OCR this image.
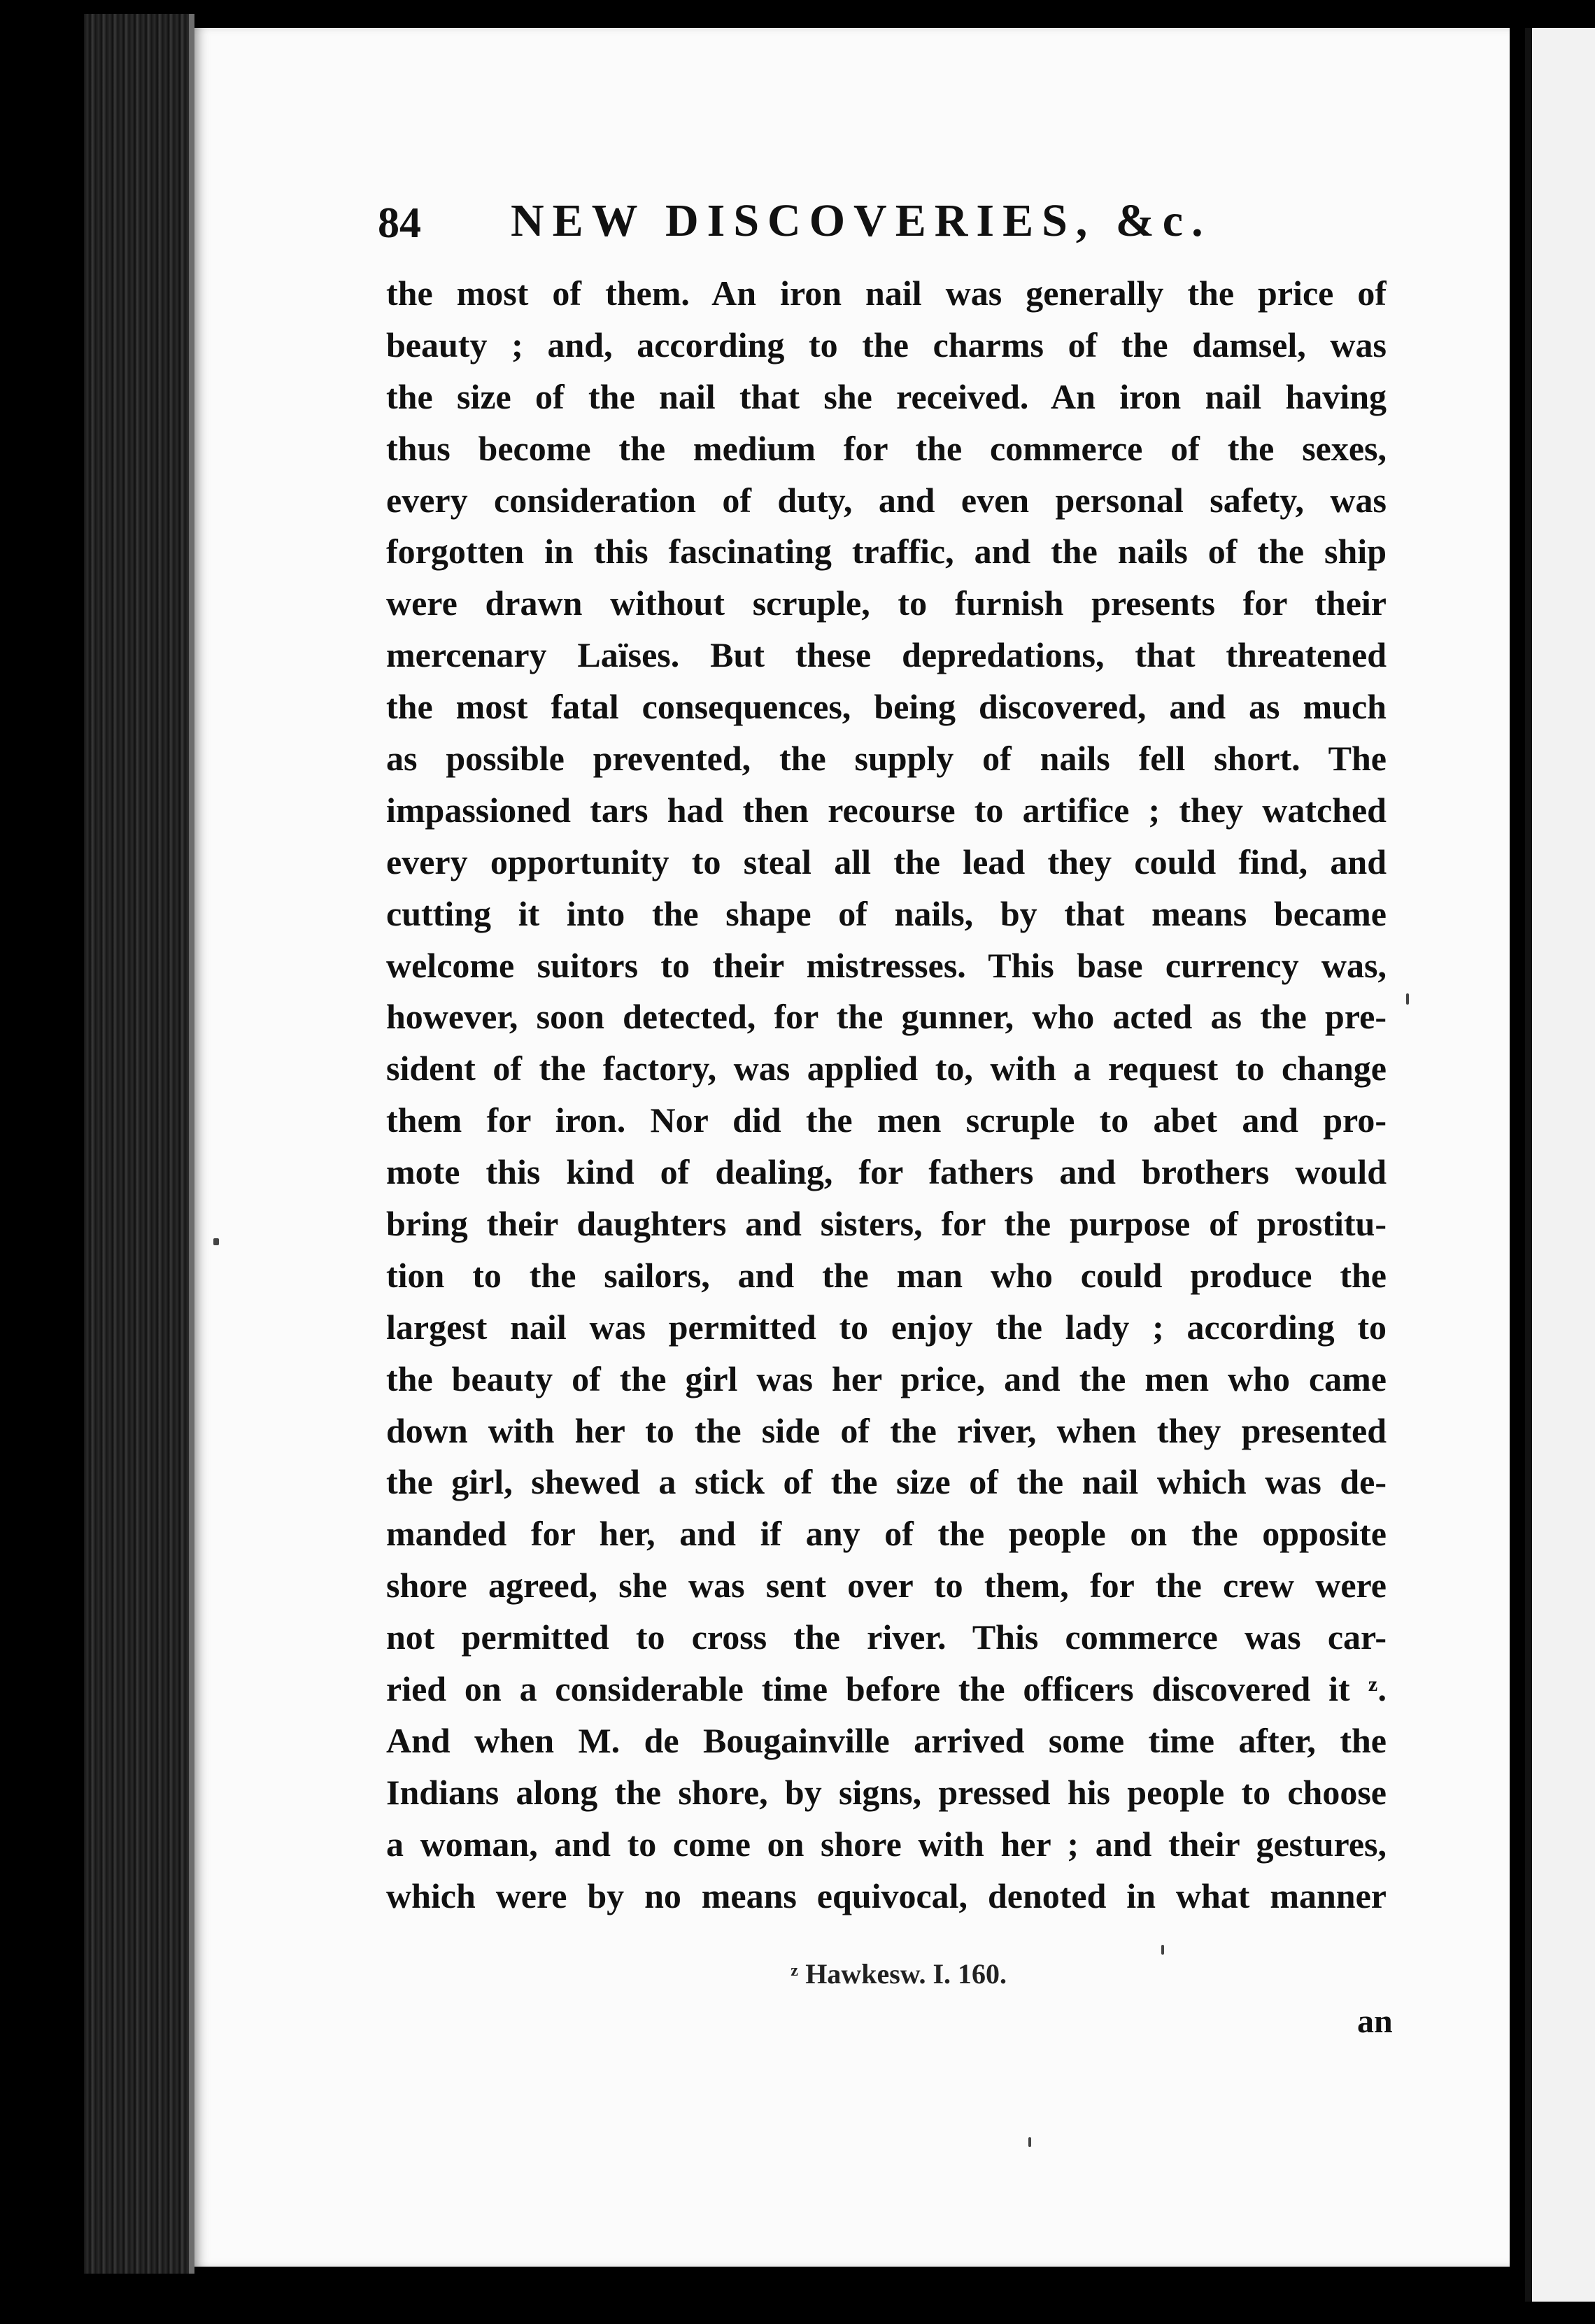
84 NEW DISCOVERIES, &c.
the most of them. An iron nail was generally the price of
beauty ; and, according to the charms of the damsel, was
the size of the nail that she received. An iron nail having
thus become the medium for the commerce of the sexes,
every consideration of duty, and even personal safety, was
forgotten in this fascinating traffic, and the nails of the ship
were drawn without scruple, to furnish presents for their
mercenary Laïses. But these depredations, that threatened
the most fatal consequences, being discovered, and as much
as possible prevented, the supply of nails fell short. The
impassioned tars had then recourse to artifice ; they watched
every opportunity to steal all the lead they could find, and
cutting it into the shape of nails, by that means became
welcome suitors to their mistresses. This base currency was,
however, soon detected, for the gunner, who acted as the pre-
sident of the factory, was applied to, with a request to change
them for iron. Nor did the men scruple to abet and pro-
mote this kind of dealing, for fathers and brothers would
bring their daughters and sisters, for the purpose of prostitu-
tion to the sailors, and the man who could produce the
largest nail was permitted to enjoy the lady ; according to
the beauty of the girl was her price, and the men who came
down with her to the side of the river, when they presented
the girl, shewed a stick of the size of the nail which was de-
manded for her, and if any of the people on the opposite
shore agreed, she was sent over to them, for the crew were
not permitted to cross the river. This commerce was car-
ried on a considerable time before the officers discovered it ᶻ.
And when M. de Bougainville arrived some time after, the
Indians along the shore, by signs, pressed his people to choose
a woman, and to come on shore with her ; and their gestures,
which were by no means equivocal, denoted in what manner
ᶻ Hawkesw. I. 160.
an
